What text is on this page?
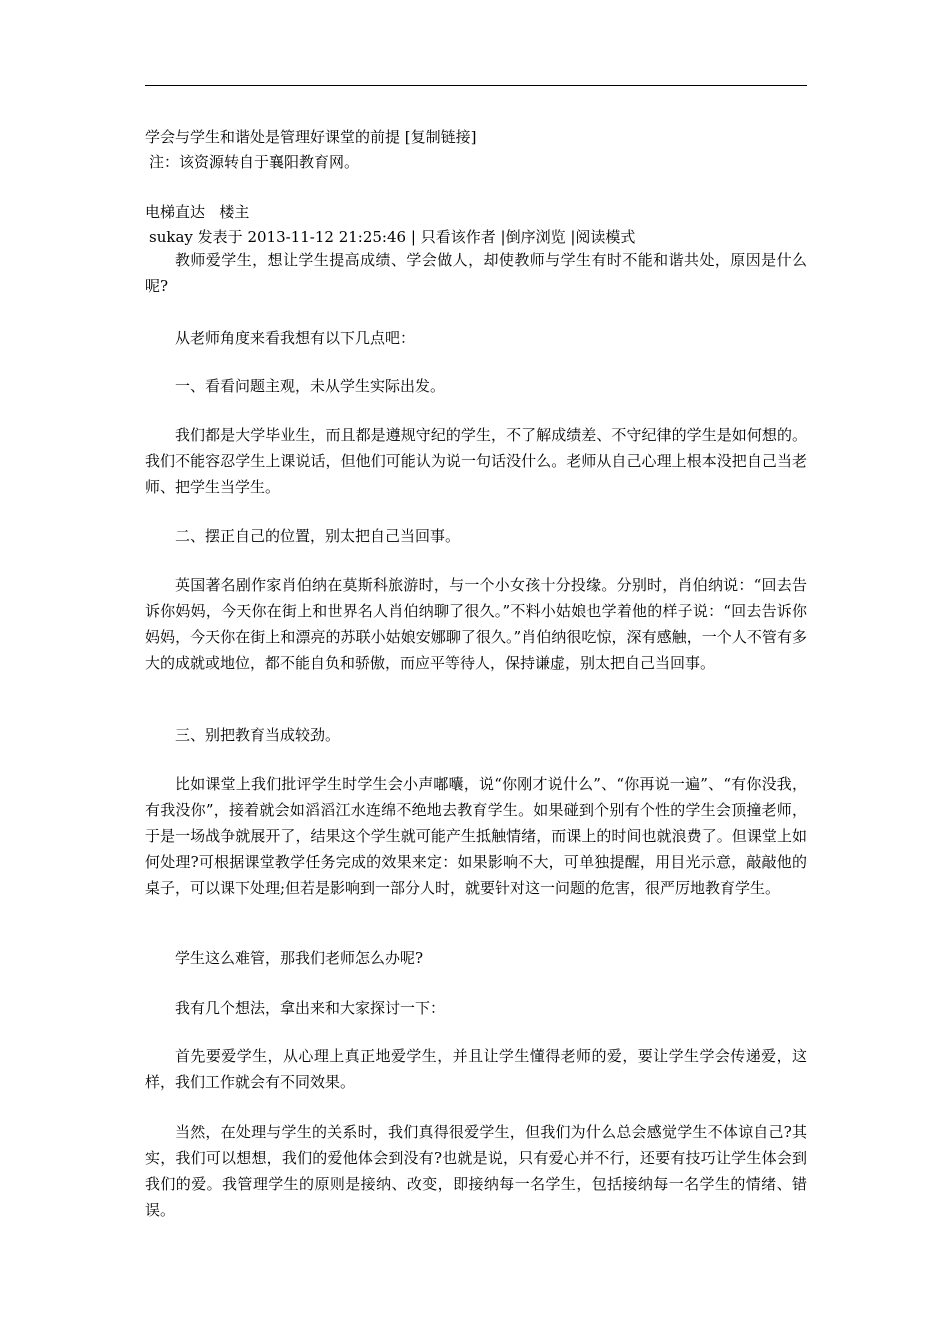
学会与学生和谐处是管理好课堂的前提 [复制链接]
注：该资源转自于襄阳教育网。
电梯直达 楼主
sukay 发表于 2013-11-12 21:25:46 | 只看该作者 |倒序浏览 |阅读模式
教师爱学生，想让学生提高成绩、学会做人，却使教师与学生有时不能和谐共处，原因是什么呢?
从老师角度来看我想有以下几点吧：
一、看看问题主观，未从学生实际出发。
我们都是大学毕业生，而且都是遵规守纪的学生，不了解成绩差、不守纪律的学生是如何想的。我们不能容忍学生上课说话，但他们可能认为说一句话没什么。老师从自己心理上根本没把自己当老师、把学生当学生。
二、摆正自己的位置，别太把自己当回事。
英国著名剧作家肖伯纳在莫斯科旅游时，与一个小女孩十分投缘。分别时，肖伯纳说：“回去告诉你妈妈，今天你在街上和世界名人肖伯纳聊了很久。”不料小姑娘也学着他的样子说：“回去告诉你妈妈，今天你在街上和漂亮的苏联小姑娘安娜聊了很久。”肖伯纳很吃惊，深有感触，一个人不管有多大的成就或地位，都不能自负和骄傲，而应平等待人，保持谦虚，别太把自己当回事。
三、别把教育当成较劲。
比如课堂上我们批评学生时学生会小声嘟囔，说“你刚才说什么”、“你再说一遍”、“有你没我，有我没你”，接着就会如滔滔江水连绵不绝地去教育学生。如果碰到个别有个性的学生会顶撞老师，于是一场战争就展开了，结果这个学生就可能产生抵触情绪，而课上的时间也就浪费了。但课堂上如何处理?可根据课堂教学任务完成的效果来定：如果影响不大，可单独提醒，用目光示意，敲敲他的桌子，可以课下处理;但若是影响到一部分人时，就要针对这一问题的危害，很严厉地教育学生。
学生这么难管，那我们老师怎么办呢?
我有几个想法，拿出来和大家探讨一下：
首先要爱学生，从心理上真正地爱学生，并且让学生懂得老师的爱，要让学生学会传递爱，这样，我们工作就会有不同效果。
当然，在处理与学生的关系时，我们真得很爱学生，但我们为什么总会感觉学生不体谅自己?其实，我们可以想想，我们的爱他体会到没有?也就是说，只有爱心并不行，还要有技巧让学生体会到我们的爱。我管理学生的原则是接纳、改变，即接纳每一名学生，包括接纳每一名学生的情绪、错误。
